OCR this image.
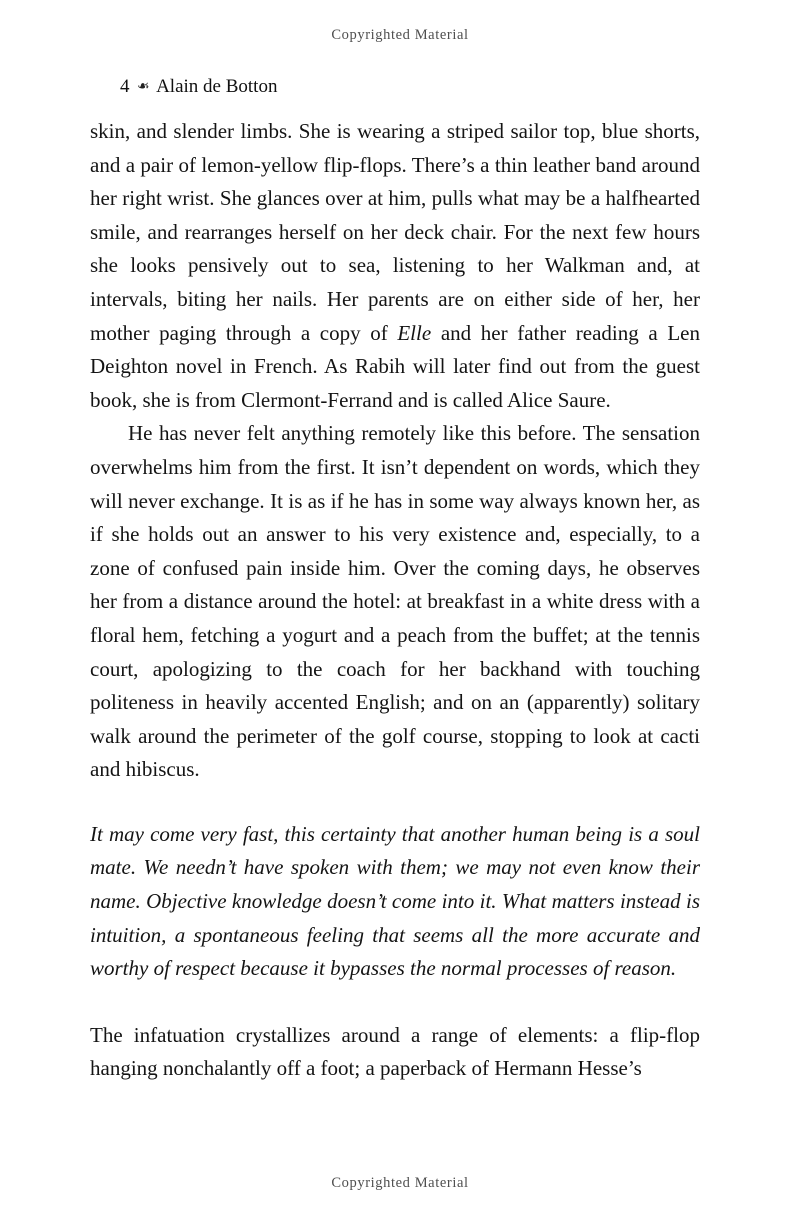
Copyrighted Material
4 ❧ Alain de Botton

skin, and slender limbs. She is wearing a striped sailor top, blue shorts, and a pair of lemon-yellow flip-flops. There’s a thin leather band around her right wrist. She glances over at him, pulls what may be a halfhearted smile, and rearranges herself on her deck chair. For the next few hours she looks pensively out to sea, listening to her Walkman and, at intervals, biting her nails. Her parents are on either side of her, her mother paging through a copy of Elle and her father reading a Len Deighton novel in French. As Rabih will later find out from the guest book, she is from Clermont-Ferrand and is called Alice Saure.

He has never felt anything remotely like this before. The sensation overwhelms him from the first. It isn’t dependent on words, which they will never exchange. It is as if he has in some way always known her, as if she holds out an answer to his very existence and, especially, to a zone of confused pain inside him. Over the coming days, he observes her from a distance around the hotel: at breakfast in a white dress with a floral hem, fetching a yogurt and a peach from the buffet; at the tennis court, apologizing to the coach for her backhand with touching politeness in heavily accented English; and on an (apparently) solitary walk around the perimeter of the golf course, stopping to look at cacti and hibiscus.

It may come very fast, this certainty that another human being is a soul mate. We needn’t have spoken with them; we may not even know their name. Objective knowledge doesn’t come into it. What matters instead is intuition, a spontaneous feeling that seems all the more accurate and worthy of respect because it bypasses the normal processes of reason.

The infatuation crystallizes around a range of elements: a flip-flop hanging nonchalantly off a foot; a paperback of Hermann Hesse’s

Copyrighted Material
